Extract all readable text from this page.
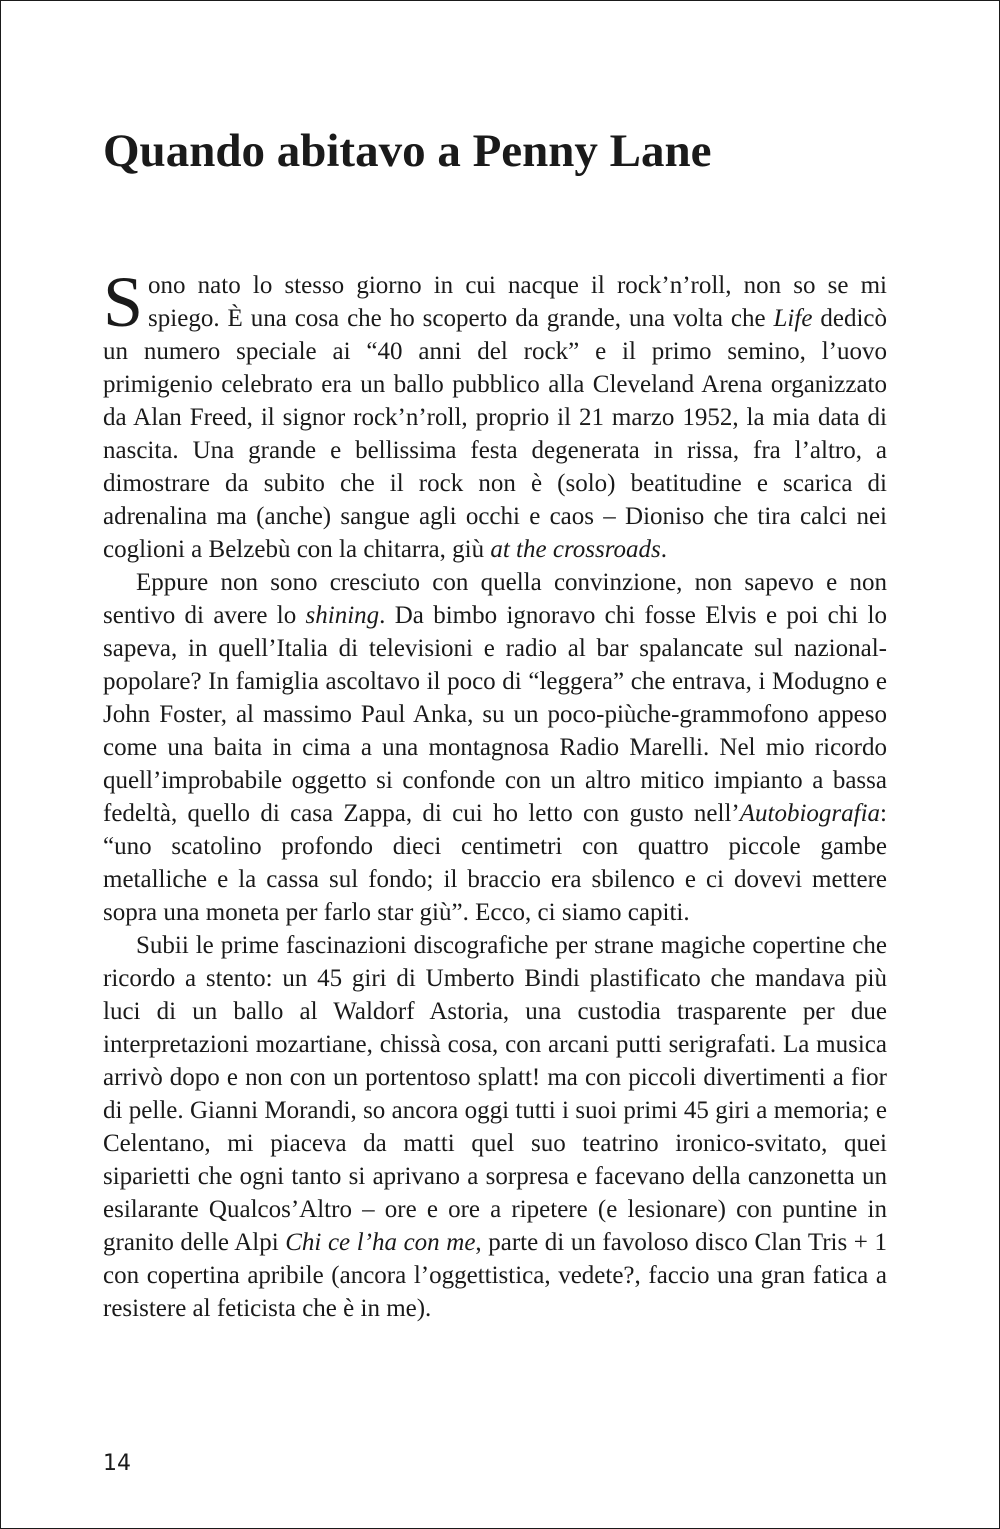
Quando abitavo a Penny Lane

Sono nato lo stesso giorno in cui nacque il rock’n’roll, non so se mi spiego. È una cosa che ho scoperto da grande, una volta che Life dedicò un numero speciale ai “40 anni del rock” e il primo semino, l’uovo primigenio celebrato era un ballo pubblico alla Cleveland Arena organizzato da Alan Freed, il signor rock’n’roll, proprio il 21 marzo 1952, la mia data di nascita. Una grande e bellissima festa degenerata in rissa, fra l’altro, a dimostrare da subito che il rock non è (solo) beatitudine e scarica di adrenalina ma (anche) sangue agli occhi e caos – Dioniso che tira calci nei coglioni a Belzebù con la chitarra, giù at the crossroads.

Eppure non sono cresciuto con quella convinzione, non sapevo e non sentivo di avere lo shining. Da bimbo ignoravo chi fosse Elvis e poi chi lo sapeva, in quell’Italia di televisioni e radio al bar spalancate sul nazional-popolare? In famiglia ascoltavo il poco di “leggera” che entrava, i Modugno e John Foster, al massimo Paul Anka, su un poco-piùche-grammofono appeso come una baita in cima a una montagnosa Radio Marelli. Nel mio ricordo quell’improbabile oggetto si confonde con un altro mitico impianto a bassa fedeltà, quello di casa Zappa, di cui ho letto con gusto nell’Autobiografia: “uno scatolino profondo dieci centimetri con quattro piccole gambe metalliche e la cassa sul fondo; il braccio era sbilenco e ci dovevi mettere sopra una moneta per farlo star giù”. Ecco, ci siamo capiti.

Subii le prime fascinazioni discografiche per strane magiche copertine che ricordo a stento: un 45 giri di Umberto Bindi plastificato che mandava più luci di un ballo al Waldorf Astoria, una custodia trasparente per due interpretazioni mozartiane, chissà cosa, con arcani putti serigrafati. La musica arrivò dopo e non con un portentoso splatt! ma con piccoli divertimenti a fior di pelle. Gianni Morandi, so ancora oggi tutti i suoi primi 45 giri a memoria; e Celentano, mi piaceva da matti quel suo teatrino ironico-svitato, quei siparietti che ogni tanto si aprivano a sorpresa e facevano della canzonetta un esilarante Qualcos’Altro – ore e ore a ripetere (e lesionare) con puntine in granito delle Alpi Chi ce l’ha con me, parte di un favoloso disco Clan Tris + 1 con copertina apribile (ancora l’oggettistica, vedete?, faccio una gran fatica a resistere al feticista che è in me).

14
